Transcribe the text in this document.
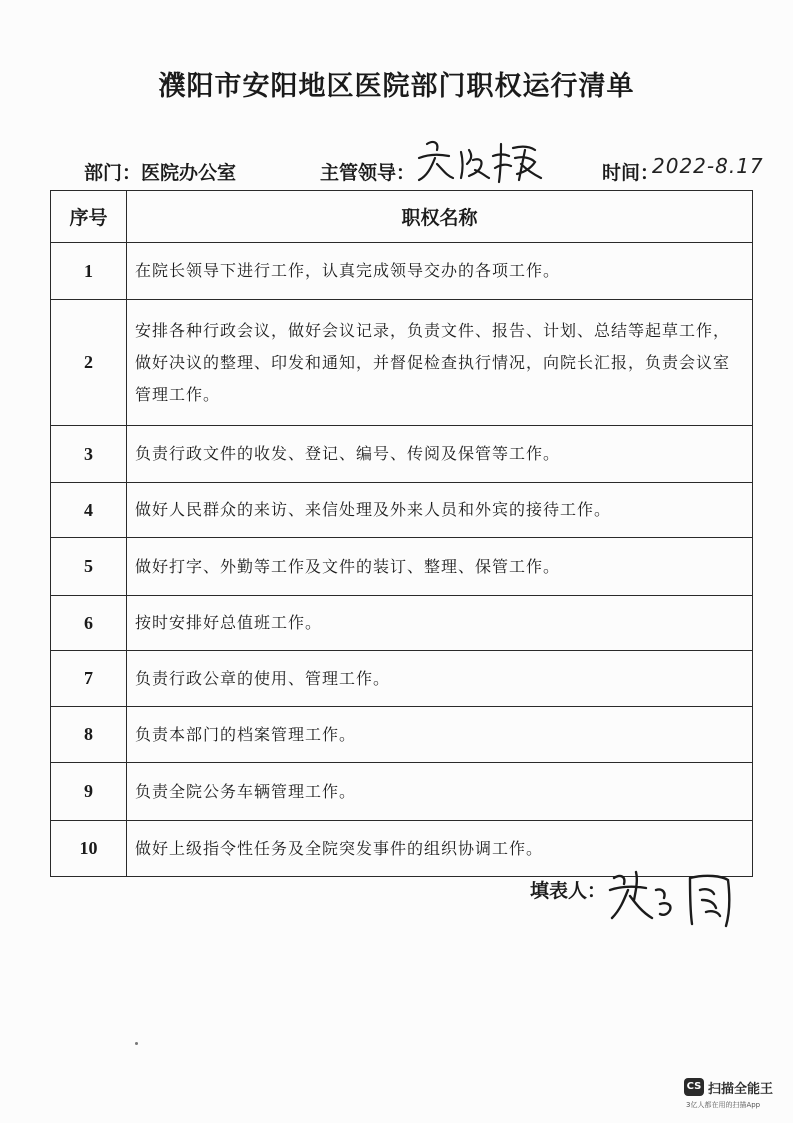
濮阳市安阳地区医院部门职权运行清单
部门：医院办公室	主管领导：	时间：
2022-8.17
序号	职权名称
1	在院长领导下进行工作，认真完成领导交办的各项工作。
2	安排各种行政会议，做好会议记录，负责文件、报告、计划、总结等起草工作，做好决议的整理、印发和通知，并督促检查执行情况，向院长汇报，负责会议室管理工作。
3	负责行政文件的收发、登记、编号、传阅及保管等工作。
4	做好人民群众的来访、来信处理及外来人员和外宾的接待工作。
5	做好打字、外勤等工作及文件的装订、整理、保管工作。
6	按时安排好总值班工作。
7	负责行政公章的使用、管理工作。
8	负责本部门的档案管理工作。
9	负责全院公务车辆管理工作。
10	做好上级指令性任务及全院突发事件的组织协调工作。
填表人：
CS 扫描全能王
3亿人都在用的扫描App
